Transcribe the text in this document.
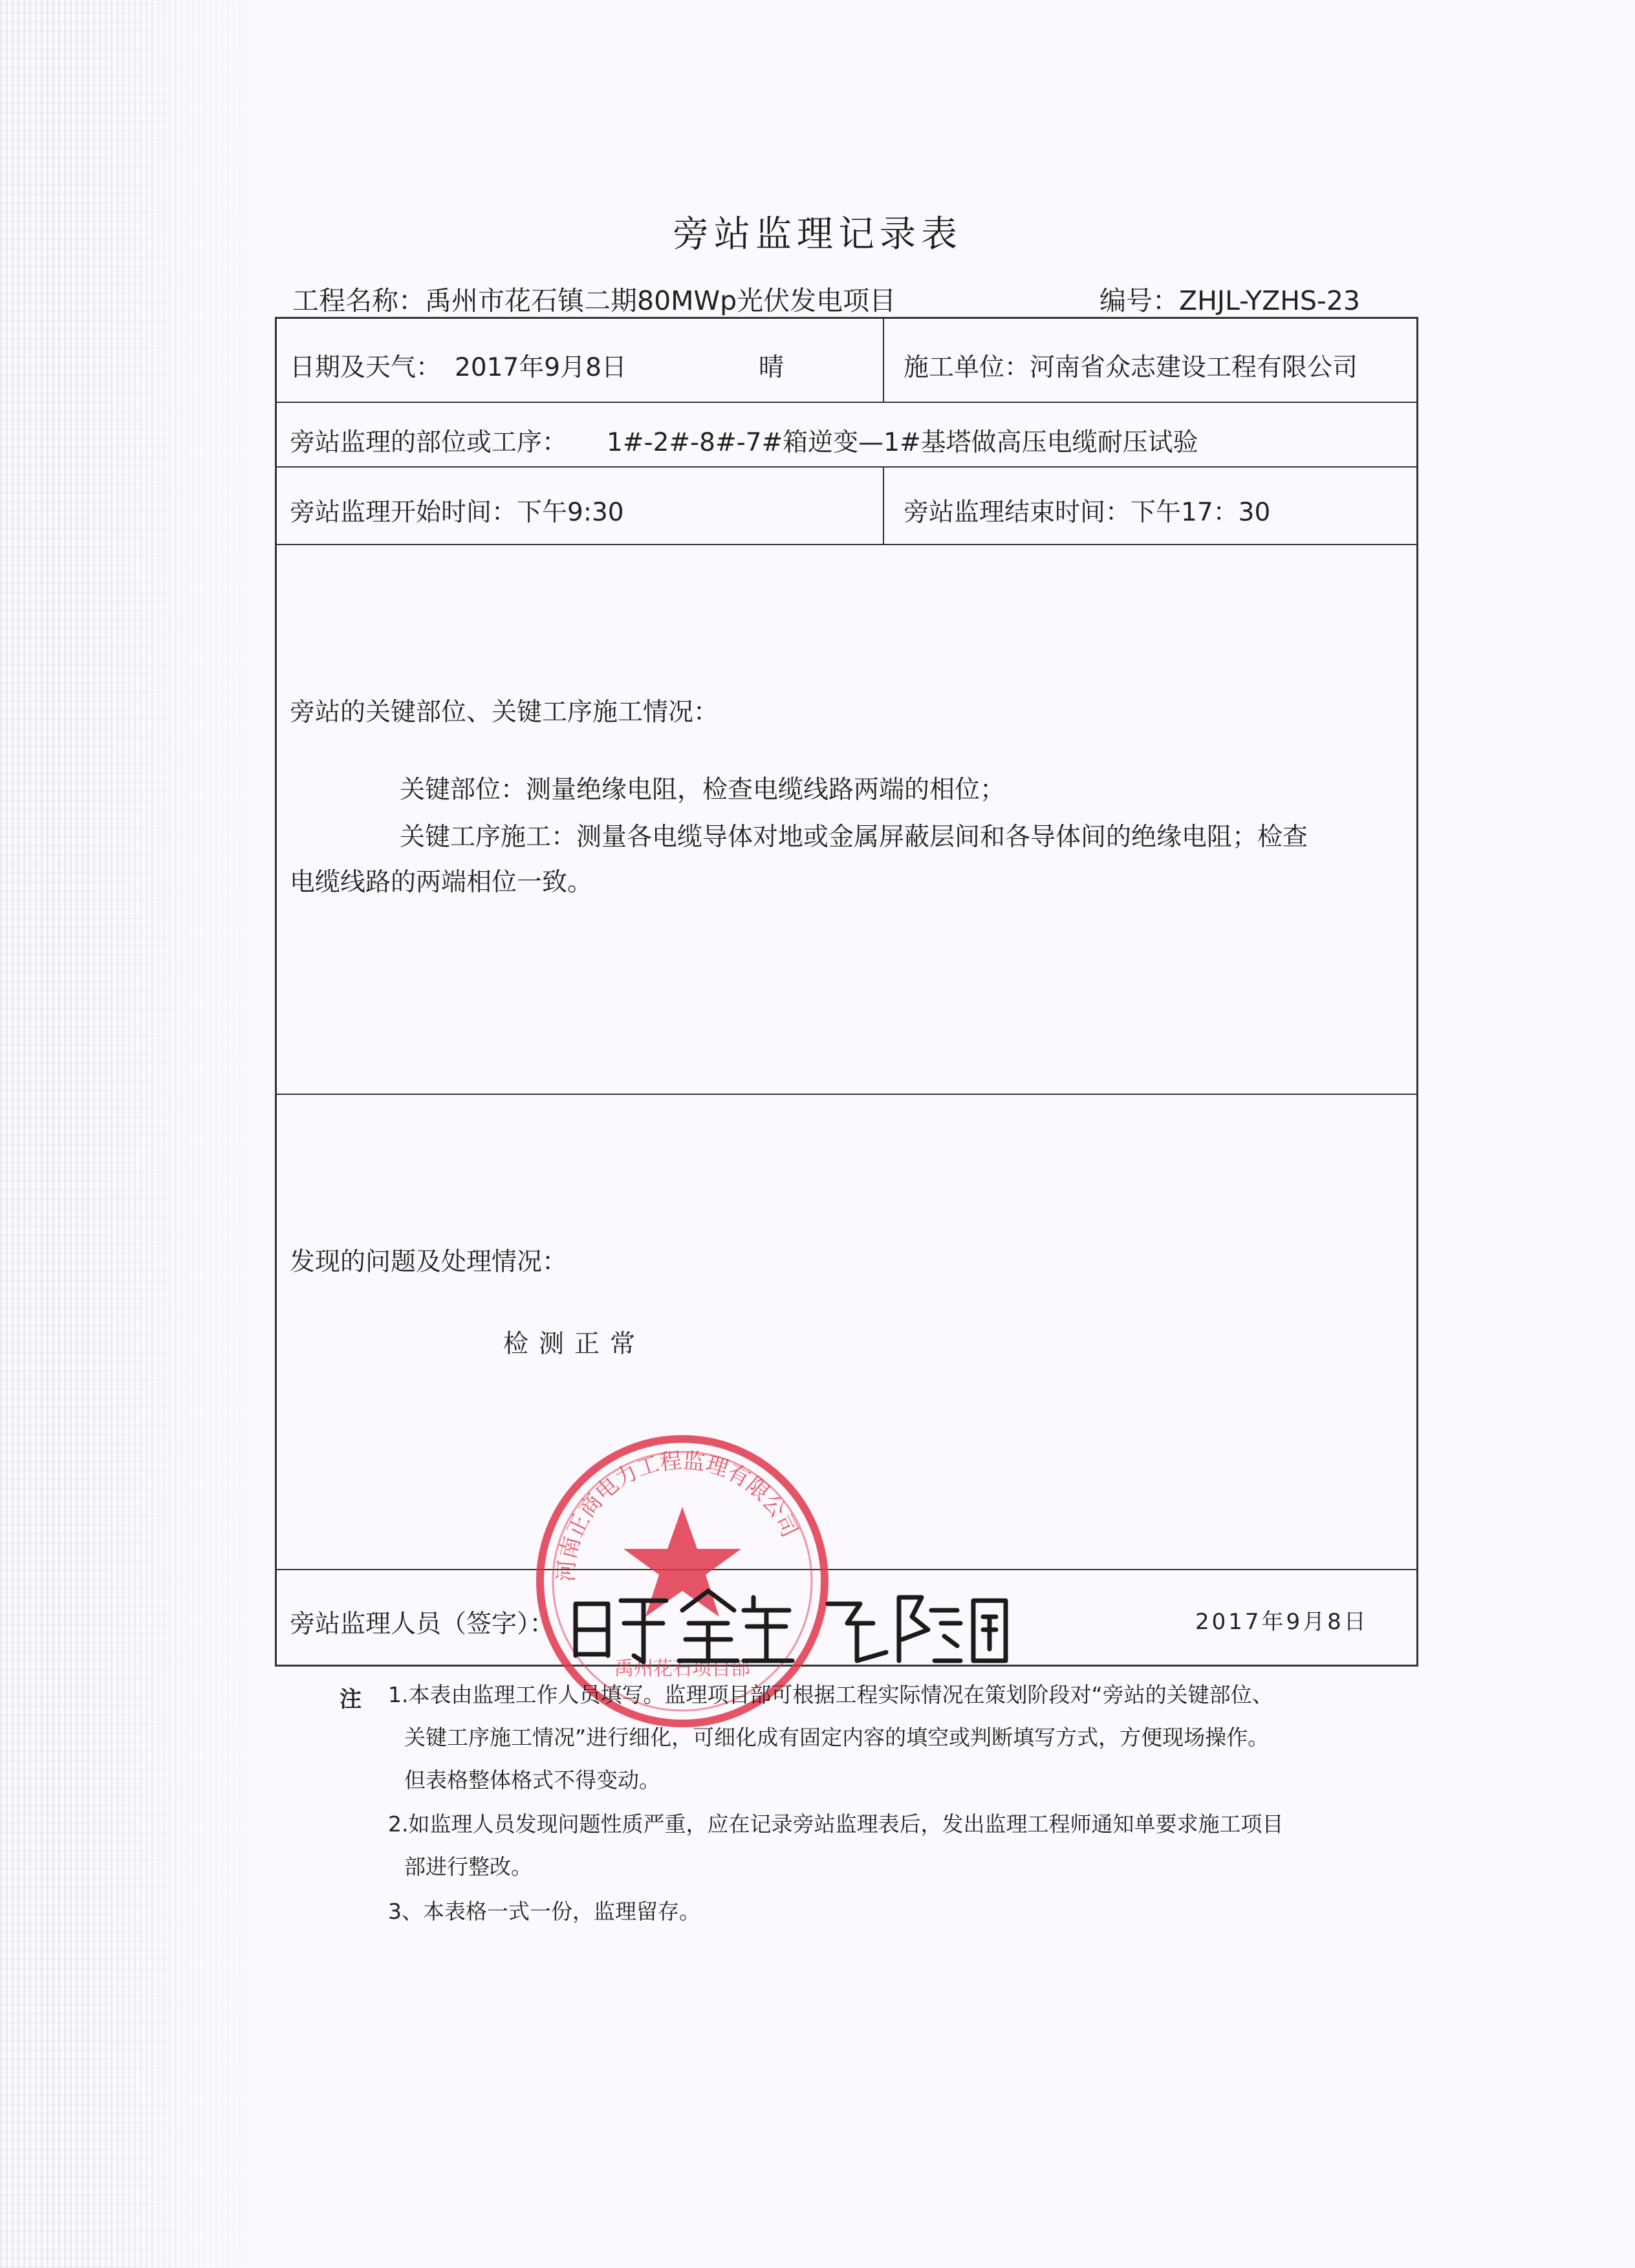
旁站监理记录表
工程名称：禹州市花石镇二期80MWp光伏发电项目	编号：ZHJL-YZHS-23
日期及天气： 2017年9月8日	晴	施工单位：河南省众志建设工程有限公司
旁站监理的部位或工序： 1#-2#-8#-7#箱逆变—1#基塔做高压电缆耐压试验
旁站监理开始时间：下午9:30	旁站监理结束时间：下午17：30
旁站的关键部位、关键工序施工情况：
关键部位：测量绝缘电阻，检查电缆线路两端的相位；
关键工序施工：测量各电缆导体对地或金属屏蔽层间和各导体间的绝缘电阻；检查
电缆线路的两端相位一致。
发现的问题及处理情况：
检测正常
旁站监理人员（签字）：	2017年9月8日
河南正商电力工程监理有限公司
禹州花石项目部
注 1.本表由监理工作人员填写。监理项目部可根据工程实际情况在策划阶段对“旁站的关键部位、
关键工序施工情况”进行细化，可细化成有固定内容的填空或判断填写方式，方便现场操作。
但表格整体格式不得变动。
2.如监理人员发现问题性质严重，应在记录旁站监理表后，发出监理工程师通知单要求施工项目
部进行整改。
3、本表格一式一份，监理留存。
